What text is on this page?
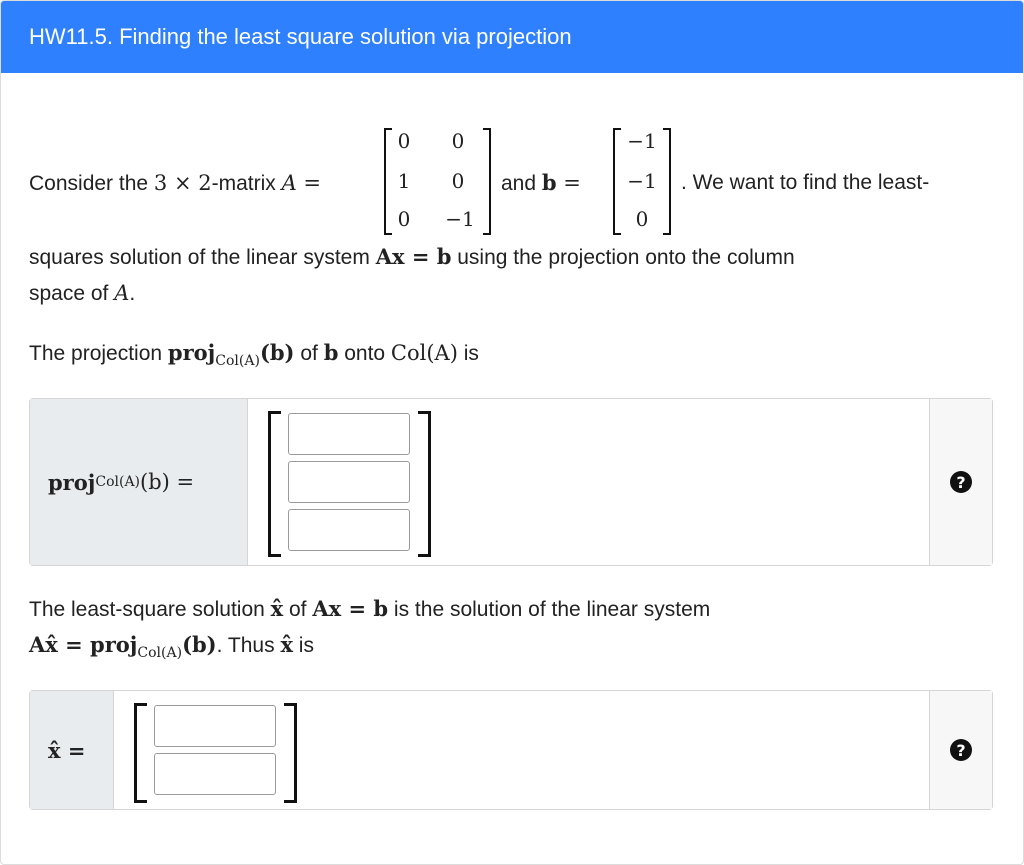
HW11.5. Finding the least square solution via projection
Consider the 3 × 2-matrix A =
0	0
1	0
0	−1
and b =
−1
−1
0
. We want to find the least-
squares solution of the linear system Ax = b using the projection onto the column
space of A.
The projection proj$_{Col(A)}$(b) of b onto Col(A) is
proj Col(A) (b) =	?
The least-square solution x̂ of Ax = b is the solution of the linear system
Ax̂ = proj$_{Col(A)}$(b). Thus x̂ is
x̂ =	?
